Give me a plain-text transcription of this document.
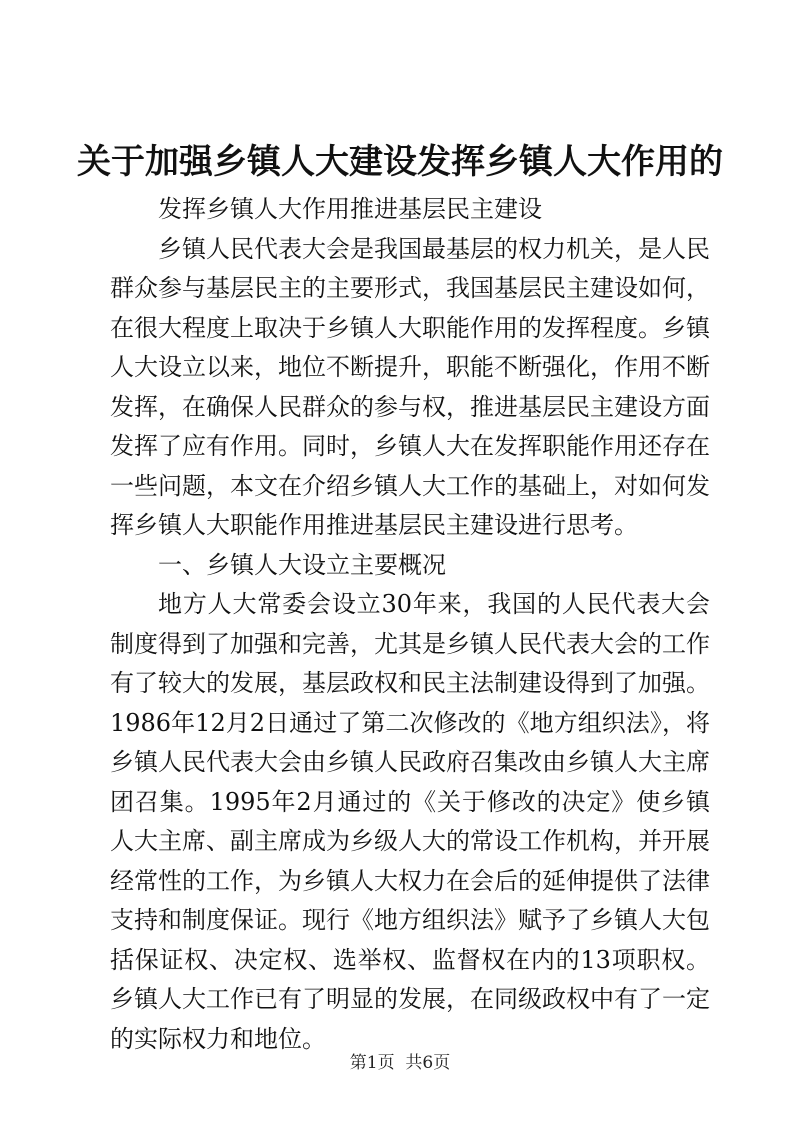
关于加强乡镇人大建设发挥乡镇人大作用的

发挥乡镇人大作用推进基层民主建设

乡镇人民代表大会是我国最基层的权力机关，是人民群众参与基层民主的主要形式，我国基层民主建设如何，在很大程度上取决于乡镇人大职能作用的发挥程度。乡镇人大设立以来，地位不断提升，职能不断强化，作用不断发挥，在确保人民群众的参与权，推进基层民主建设方面发挥了应有作用。同时，乡镇人大在发挥职能作用还存在一些问题，本文在介绍乡镇人大工作的基础上，对如何发挥乡镇人大职能作用推进基层民主建设进行思考。

一、乡镇人大设立主要概况

地方人大常委会设立30年来，我国的人民代表大会制度得到了加强和完善，尤其是乡镇人民代表大会的工作有了较大的发展，基层政权和民主法制建设得到了加强。1986年12月2日通过了第二次修改的《地方组织法》，将乡镇人民代表大会由乡镇人民政府召集改由乡镇人大主席团召集。1995年2月通过的《关于修改的决定》使乡镇人大主席、副主席成为乡级人大的常设工作机构，并开展经常性的工作，为乡镇人大权力在会后的延伸提供了法律支持和制度保证。现行《地方组织法》赋予了乡镇人大包括保证权、决定权、选举权、监督权在内的13项职权。乡镇人大工作已有了明显的发展，在同级政权中有了一定的实际权力和地位。

第1页 共6页
